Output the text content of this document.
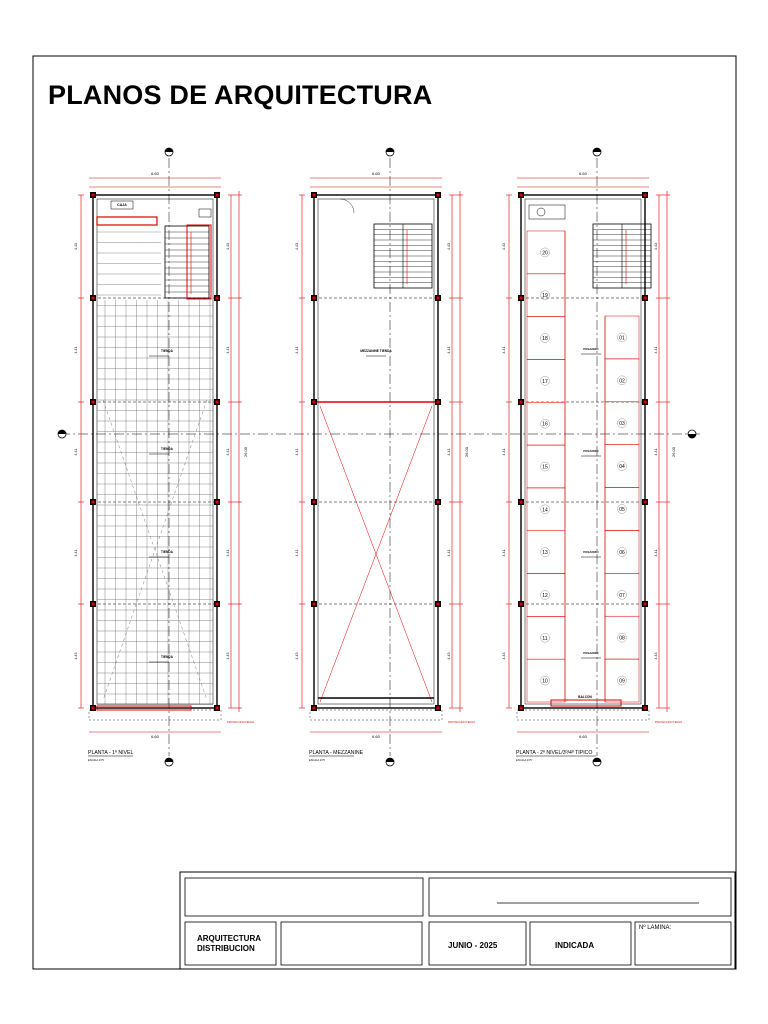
6.60
26.00
4.43	4.43
4.41	4.41
4.41	4.41
4.41	4.41
4.43	4.43
PROYECCION TECHO
6.60
PLANTA - 1º NIVEL
ESCALA 1/75
CAJA
TIENDA
TIENDA
TIENDA
TIENDA
6.60
26.00
4.43	4.43
4.41	4.41
4.41	4.41
4.41	4.41
4.43	4.43
PROYECCION TECHO
6.60
PLANTA - MEZZANINE
ESCALA 1/75
MEZZANINE TIENDA
6.60
26.00
4.43	4.43
4.41	4.41
4.41	4.41
4.41	4.41
4.43	4.43
PROYECCION TECHO
6.60
PLANTA - 2º NIVEL/3º/4º TIPICO
ESCALA 1/75
20
19
18
17
16
15
14
13
12
11
10
01
02
03
04
05
06
07
08
09
PASADIZO
PASADIZO
PASADIZO
PASADIZO
BALCON
PLANOS DE ARQUITECTURA
ARQUITECTURA
DISTRIBUCION	JUNIO - 2025	INDICADA
Nº LAMINA:
